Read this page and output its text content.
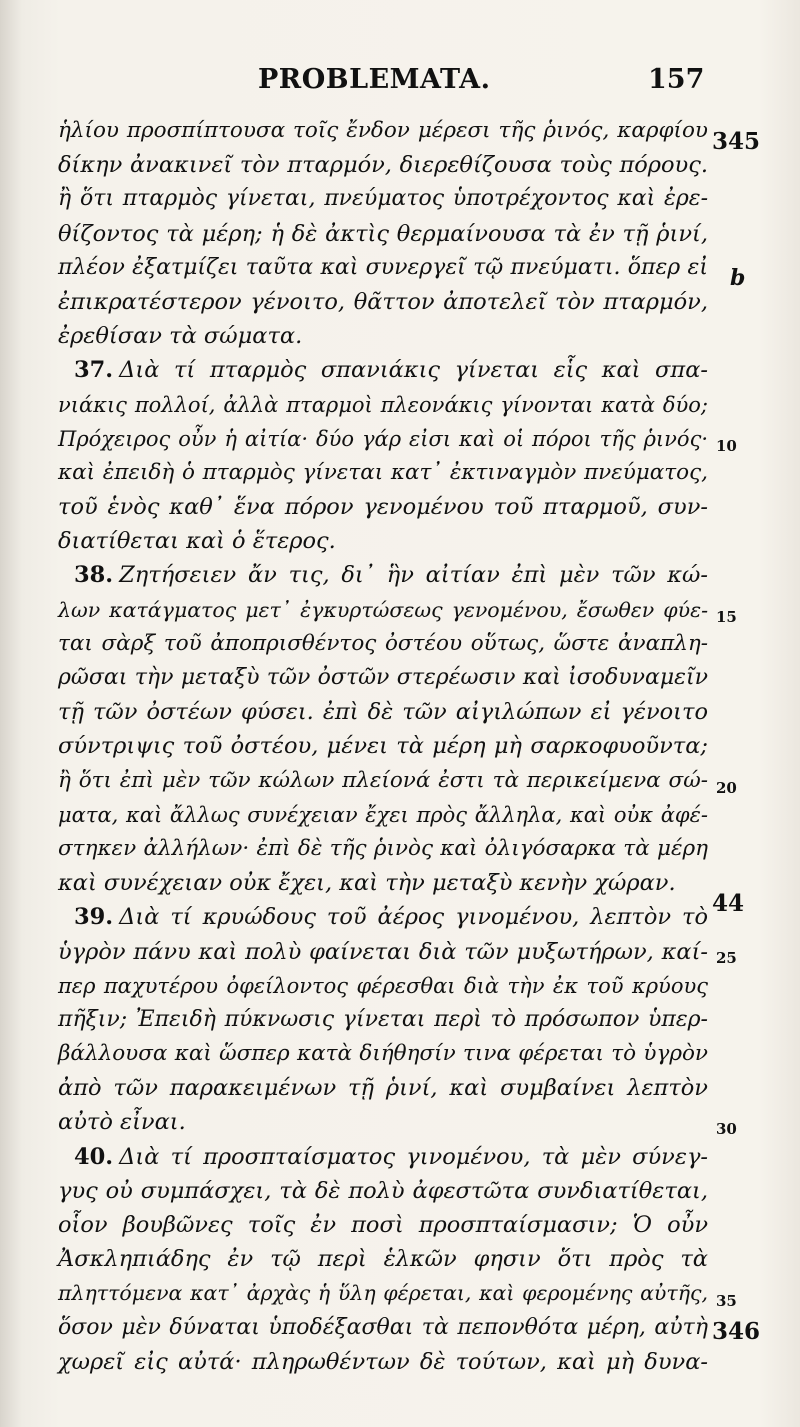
PROBLEMATA.	157
ἡλίου προσπίπτουσα τοῖς ἔνδον μέρεσι τῆς ῥινός, καρφίου
δίκην ἀνακινεῖ τὸν πταρμόν, διερεθίζουσα τοὺς πόρους.
ἢ ὅτι πταρμὸς γίνεται, πνεύματος ὑποτρέχοντος καὶ ἐρε-
θίζοντος τὰ μέρη; ἡ δὲ ἀκτὶς θερμαίνουσα τὰ ἐν τῇ ῥινί,
πλέον ἐξατμίζει ταῦτα καὶ συνεργεῖ τῷ πνεύματι. ὅπερ εἰ
ἐπικρατέστερον γένοιτο, θᾶττον ἀποτελεῖ τὸν πταρμόν,
ἐρεθίσαν τὰ σώματα.
37. Διὰ τί πταρμὸς σπανιάκις γίνεται εἷς καὶ σπα-
νιάκις πολλοί, ἀλλὰ πταρμοὶ πλεονάκις γίνονται κατὰ δύο;
Πρόχειρος οὖν ἡ αἰτία· δύο γάρ εἰσι καὶ οἱ πόροι τῆς ῥινός·
καὶ ἐπειδὴ ὁ πταρμὸς γίνεται κατ᾽ ἐκτιναγμὸν πνεύματος,
τοῦ ἑνὸς καθ᾽ ἕνα πόρον γενομένου τοῦ πταρμοῦ, συν-
διατίθεται καὶ ὁ ἕτερος.
38. Ζητήσειεν ἄν τις, δι᾽ ἣν αἰτίαν ἐπὶ μὲν τῶν κώ-
λων κατάγματος μετ᾽ ἐγκυρτώσεως γενομένου, ἔσωθεν φύε-
ται σὰρξ τοῦ ἀποπρισθέντος ὀστέου οὕτως, ὥστε ἀναπλη-
ρῶσαι τὴν μεταξὺ τῶν ὀστῶν στερέωσιν καὶ ἰσοδυναμεῖν
τῇ τῶν ὀστέων φύσει. ἐπὶ δὲ τῶν αἰγιλώπων εἰ γένοιτο
σύντριψις τοῦ ὀστέου, μένει τὰ μέρη μὴ σαρκοφυοῦντα;
ἢ ὅτι ἐπὶ μὲν τῶν κώλων πλείονά ἐστι τὰ περικείμενα σώ-
ματα, καὶ ἄλλως συνέχειαν ἔχει πρὸς ἄλληλα, καὶ οὐκ ἀφέ-
στηκεν ἀλλήλων· ἐπὶ δὲ τῆς ῥινὸς καὶ ὀλιγόσαρκα τὰ μέρη
καὶ συνέχειαν οὐκ ἔχει, καὶ τὴν μεταξὺ κενὴν χώραν.
39. Διὰ τί κρυώδους τοῦ ἀέρος γινομένου, λεπτὸν τὸ
ὑγρὸν πάνυ καὶ πολὺ φαίνεται διὰ τῶν μυξωτήρων, καί-
περ παχυτέρου ὀφείλοντος φέρεσθαι διὰ τὴν ἐκ τοῦ κρύους
πῆξιν; Ἐπειδὴ πύκνωσις γίνεται περὶ τὸ πρόσωπον ὑπερ-
βάλλουσα καὶ ὥσπερ κατὰ διήθησίν τινα φέρεται τὸ ὑγρὸν
ἀπὸ τῶν παρακειμένων τῇ ῥινί, καὶ συμβαίνει λεπτὸν
αὐτὸ εἶναι.
40. Διὰ τί προσπταίσματος γινομένου, τὰ μὲν σύνεγ-
γυς οὐ συμπάσχει, τὰ δὲ πολὺ ἀφεστῶτα συνδιατίθεται,
οἷον βουβῶνες τοῖς ἐν ποσὶ προσπταίσμασιν; Ὁ οὖν
Ἀσκληπιάδης ἐν τῷ περὶ ἑλκῶν φησιν ὅτι πρὸς τὰ
πληττόμενα κατ᾽ ἀρχὰς ἡ ὕλη φέρεται, καὶ φερομένης αὐτῆς,
ὅσον μὲν δύναται ὑποδέξασθαι τὰ πεπονθότα μέρη, αὐτὴ
χωρεῖ εἰς αὐτά· πληρωθέντων δὲ τούτων, καὶ μὴ δυνα-
345
b
10
15
20
44
25
30
35
346
